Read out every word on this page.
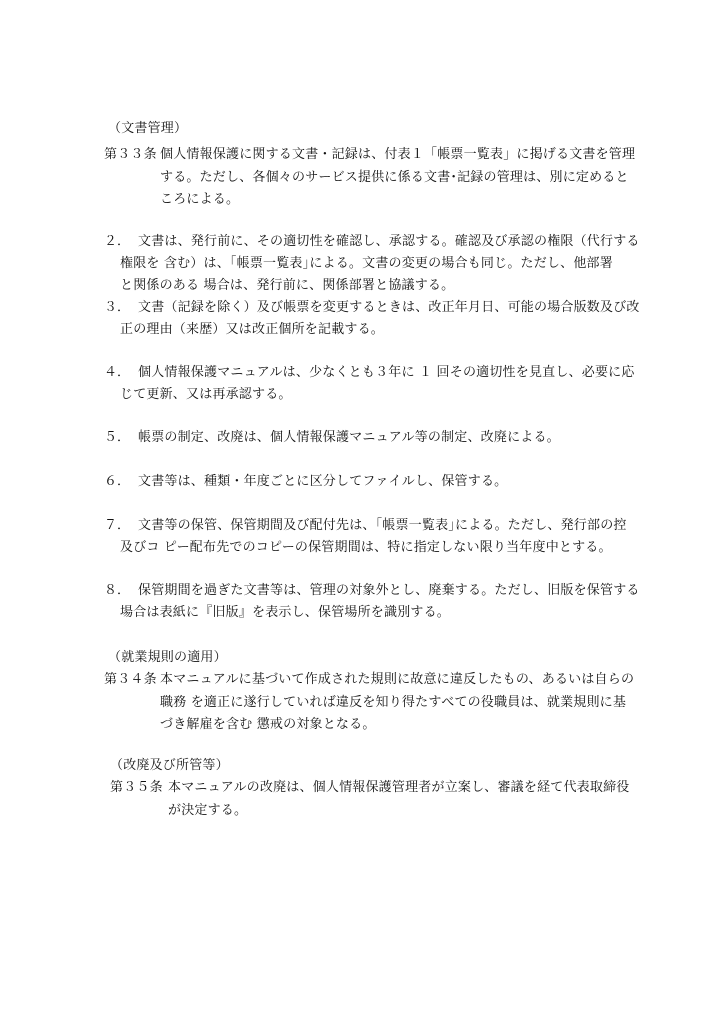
（文書管理）
第３３条 個人情報保護に関する文書・記録は、付表１「帳票一覧表」に掲げる文書を管理
する。ただし、各個々のサービス提供に係る文書･記録の管理は、別に定めると
ころによる。
２． 文書は、発行前に、その適切性を確認し、承認する。確認及び承認の権限（代行する
権限を 含む）は、｢帳票一覧表｣による。文書の変更の場合も同じ。ただし、他部署
と関係のある 場合は、発行前に、関係部署と協議する。
３． 文書（記録を除く）及び帳票を変更するときは、改正年月日、可能の場合版数及び改
正の理由（来歴）又は改正個所を記載する。
４． 個人情報保護マニュアルは、少なくとも３年に １ 回その適切性を見直し、必要に応
じて更新、又は再承認する。
５． 帳票の制定、改廃は、個人情報保護マニュアル等の制定、改廃による。
６． 文書等は、種類・年度ごとに区分してファイルし、保管する。
７． 文書等の保管、保管期間及び配付先は、｢帳票一覧表｣による。ただし、発行部の控
及びコ ピー配布先でのコピーの保管期間は、特に指定しない限り当年度中とする。
８． 保管期間を過ぎた文書等は、管理の対象外とし、廃棄する。ただし、旧版を保管する
場合は表紙に『旧版』を表示し、保管場所を識別する。
（就業規則の適用）
第３４条 本マニュアルに基づいて作成された規則に故意に違反したもの、あるいは自らの
職務 を適正に遂行していれば違反を知り得たすべての役職員は、就業規則に基
づき解雇を含む 懲戒の対象となる。
（改廃及び所管等）
第３５条 本マニュアルの改廃は、個人情報保護管理者が立案し、審議を経て代表取締役
が決定する。
